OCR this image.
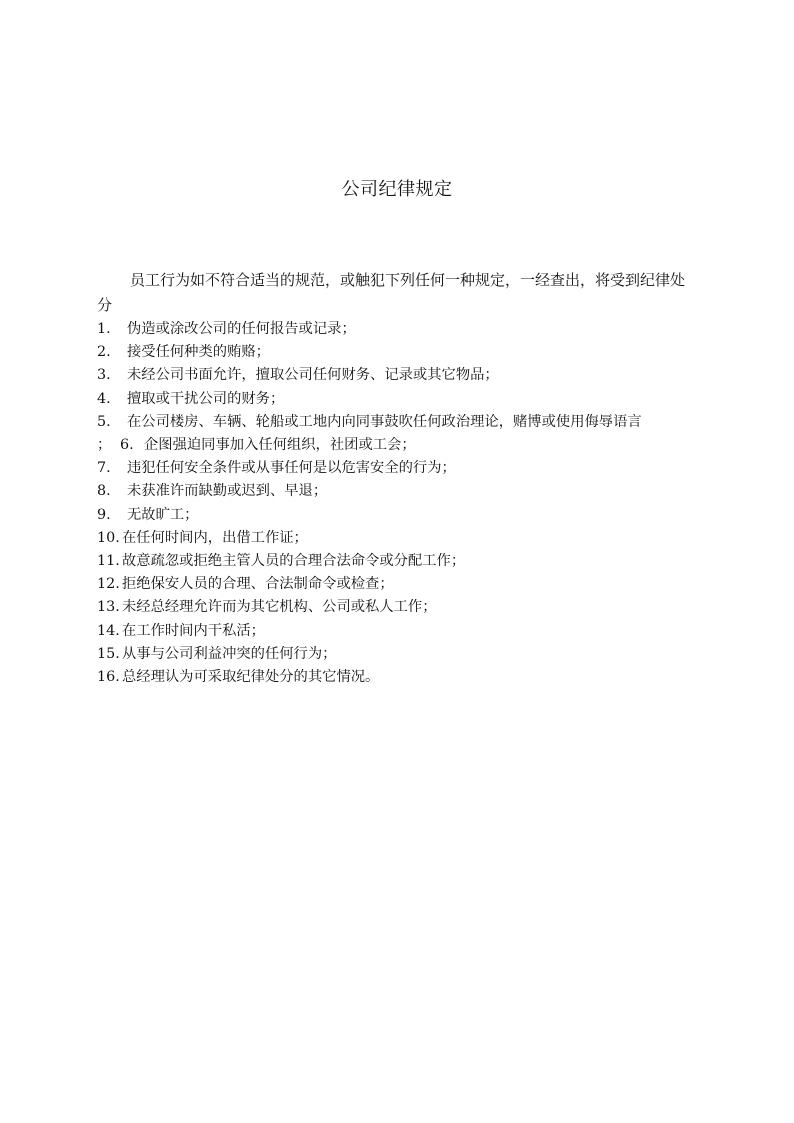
公司纪律规定

员工行为如不符合适当的规范，或触犯下列任何一种规定，一经查出，将受到纪律处分

1. 伪造或涂改公司的任何报告或记录；
2. 接受任何种类的贿赂；
3. 未经公司书面允许，擅取公司任何财务、记录或其它物品；
4. 擅取或干扰公司的财务；
5. 在公司楼房、车辆、轮船或工地内向同事鼓吹任何政治理论，赌博或使用侮辱语言
； 6. 企图强迫同事加入任何组织，社团或工会；
7. 违犯任何安全条件或从事任何是以危害安全的行为；
8. 未获准许而缺勤或迟到、早退；
9. 无故旷工；
10. 在任何时间内，出借工作证；
11. 故意疏忽或拒绝主管人员的合理合法命令或分配工作；
12. 拒绝保安人员的合理、合法制命令或检查；
13. 未经总经理允许而为其它机构、公司或私人工作；
14. 在工作时间内干私活；
15. 从事与公司利益冲突的任何行为；
16. 总经理认为可采取纪律处分的其它情况。
